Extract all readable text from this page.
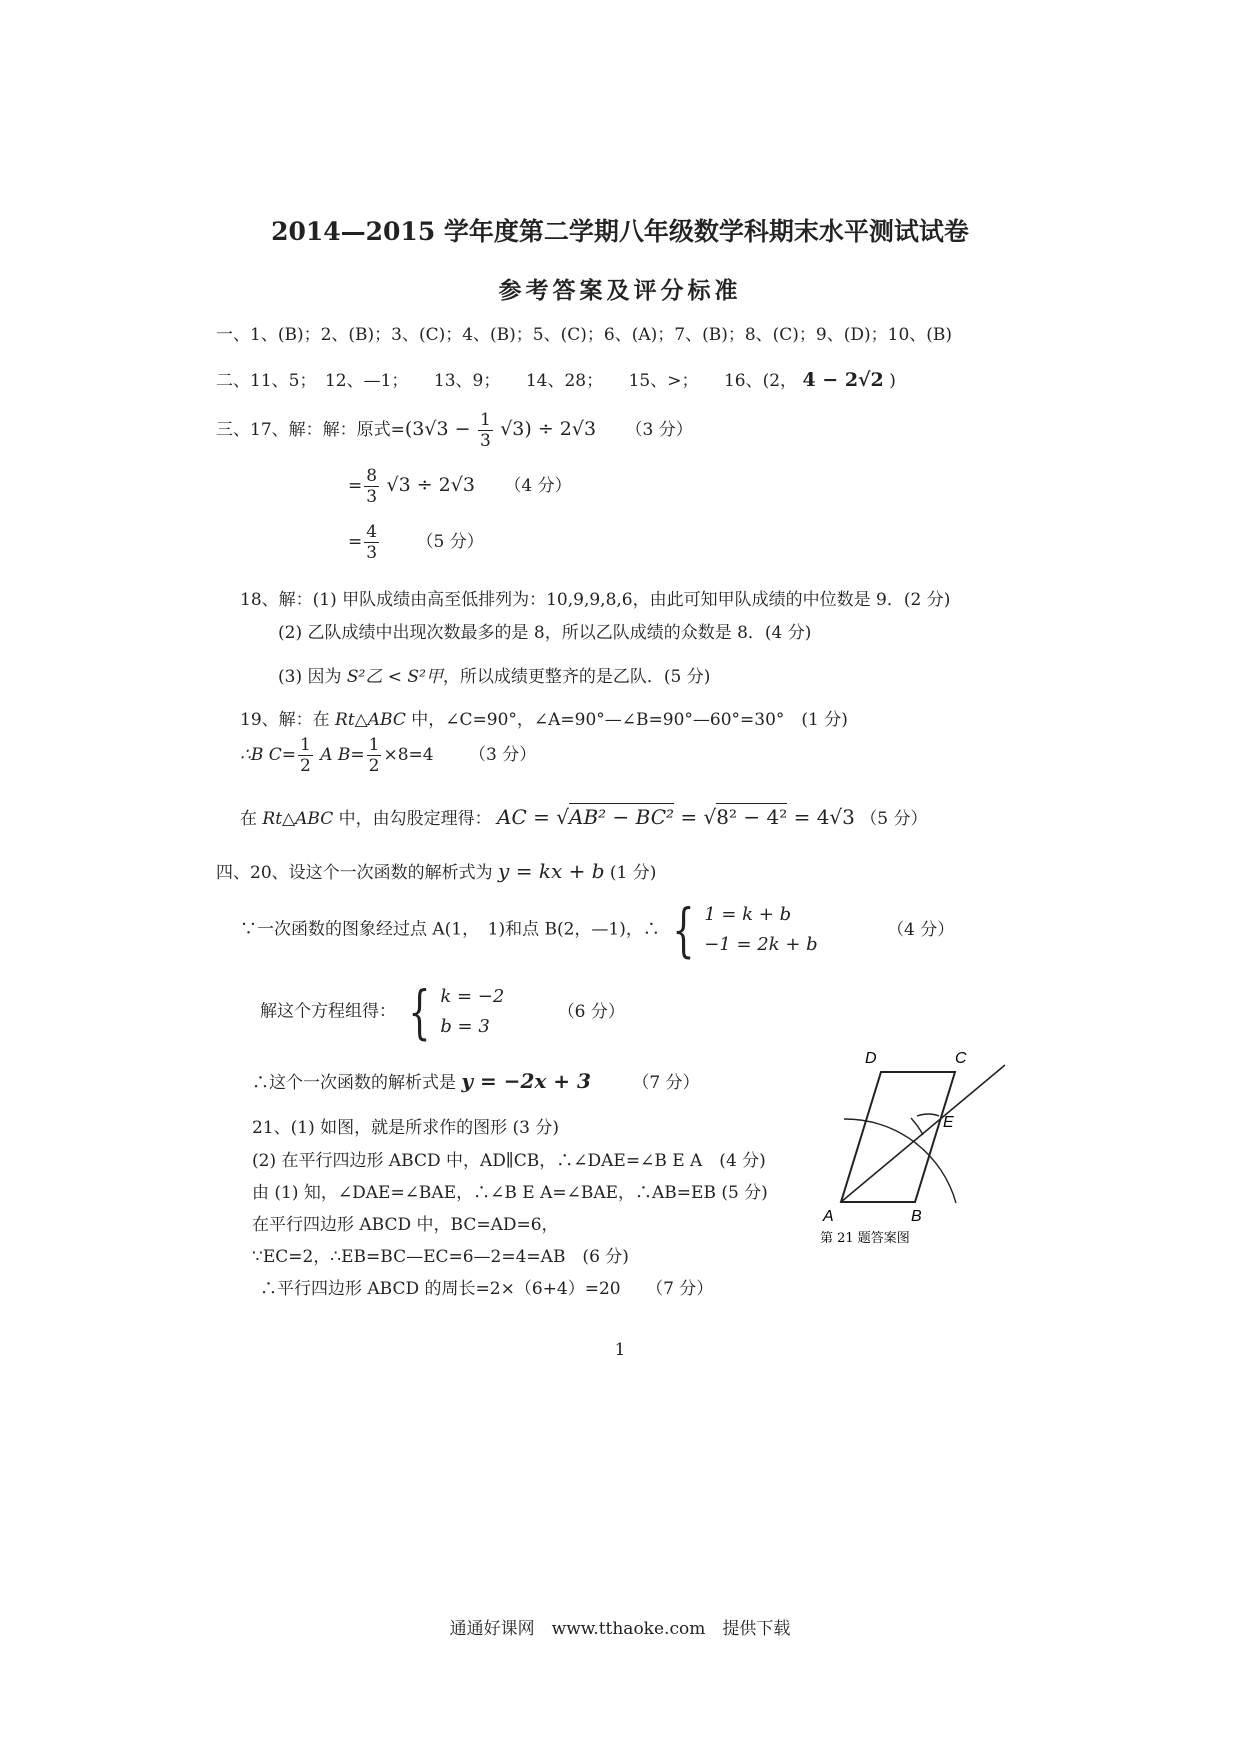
2014—2015 学年度第二学期八年级数学科期末水平测试试卷
参考答案及评分标准
一、1、(B)；2、(B)；3、(C)；4、(B)；5、(C)；6、(A)；7、(B)；8、(C)；9、(D)；10、(B)
二、11、5；　12、—1；　　13、9；　　14、28；　　15、>；　　16、(2， 4 − 2√2 )
三、17、解：解：原式$=(3√3 - \frac{1}{3} √3) \div 2√3$ （3 分）
= $\frac{8}{3} √3 \div 2√3$ （4 分）
= $\frac{4}{3} (5$ 分）
18、解：(1) 甲队成绩由高至低排列为：10,9,9,8,6，由此可知甲队成绩的中位数是 9．(2 分)
(2) 乙队成绩中出现次数最多的是 8，所以乙队成绩的众数是 8．(4 分)
(3) 因为 S²乙 < S²甲，所以成绩更整齐的是乙队．(5 分)
19、解：在 Rt△ABC 中，∠C=90°，∠A=90°—∠B=90°—60°=30°　(1 分)
∴B $C= \frac{1}{2}$ A $B= \frac{1}{2} \times 8=4$ （3 分）
在 Rt△ABC 中，由勾股定理得： AC = √AB² − BC² = √8² − 4² = 4√3 （5 分）
四、20、设这个一次函数的解析式为 y = kx + b (1 分)
∵一次函数的图象经过点 A(1，　1)和点 B(2，—1)，∴ { 1 = k + b
−1 = 2k + b
（4 分）
解这个方程组得： { k = −2
b = 3
（6 分）
∴这个一次函数的解析式是 y = −2x + 3 （7 分）
21、(1) 如图，就是所求作的图形 (3 分)
(2) 在平行四边形 ABCD 中，AD∥CB，∴∠DAE=∠B E A　(4 分)
由 (1) 知，∠DAE=∠BAE，∴∠B E A=∠BAE，∴AB=EB (5 分)
在平行四边形 ABCD 中，BC=AD=6，
∵EC=2，∴EB=BC—EC=6—2=4=AB　(6 分)
∴平行四边形 ABCD 的周长=2×（6+4）=20　　（7 分）
A	B
C
D
E
第 21 题答案图
1
通通好课网　www.tthaoke.com　提供下载
